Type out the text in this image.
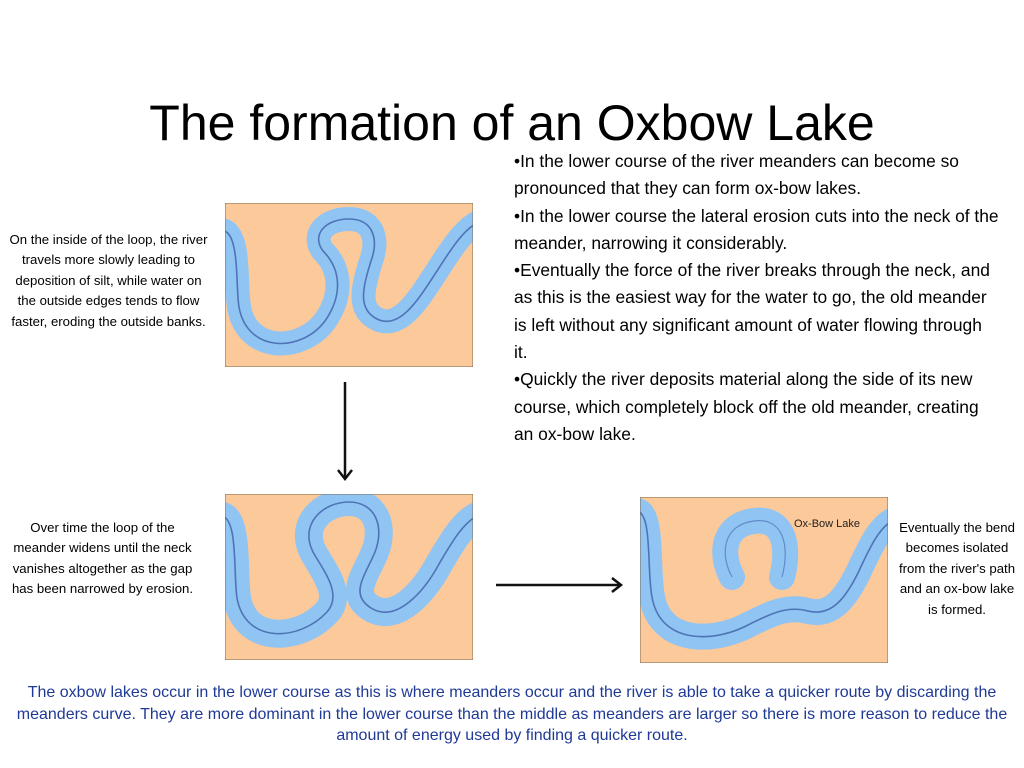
The formation of an Oxbow Lake

•In the lower course of the river meanders can become so pronounced that they can form ox-bow lakes.

•In the lower course the lateral erosion cuts into the neck of the meander, narrowing it considerably.

•Eventually the force of the river breaks through the neck, and as this is the easiest way for the water to go, the old meander is left without any significant amount of water flowing through it.

•Quickly the river deposits material along the side of its new course, which completely block off the old meander, creating an ox-bow lake.

On the inside of the loop, the river travels more slowly leading to deposition of silt, while water on the outside edges tends to flow faster, eroding the outside banks.
Over time the loop of the meander widens until the neck vanishes altogether as the gap has been narrowed by erosion.
Eventually the bend becomes isolated from the river's path and an ox-bow lake is formed.
Ox-Bow Lake
The oxbow lakes occur in the lower course as this is where meanders occur and the river is able to take a quicker route by discarding the meanders curve. They are more dominant in the lower course than the middle as meanders are larger so there is more reason to reduce the amount of energy used by finding a quicker route.
